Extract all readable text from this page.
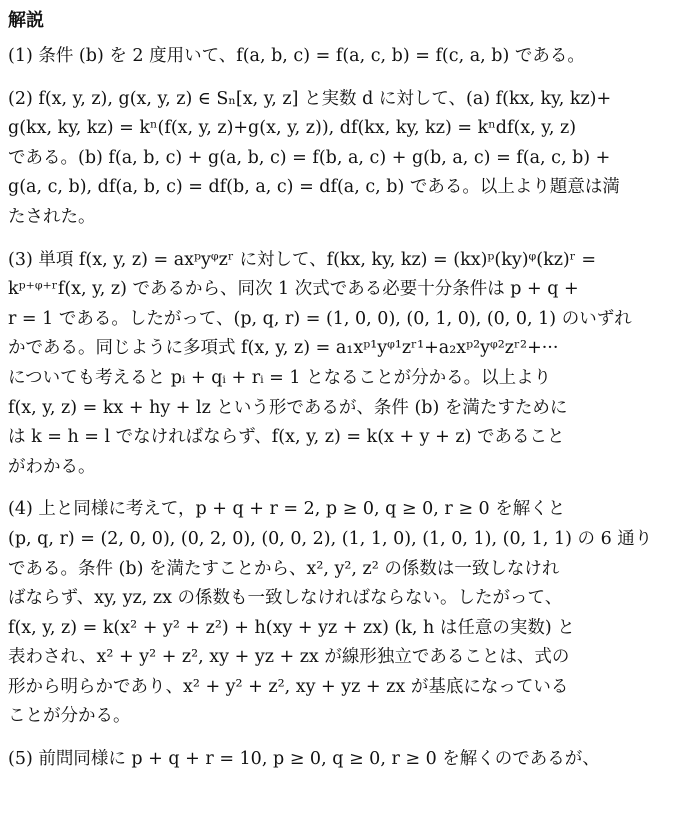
解説
(1) 条件 (b) を 2 度用いて、f(a, b, c) = f(a, c, b) = f(c, a, b) である。
(2) f(x, y, z), g(x, y, z) ∈ Sₙ[x, y, z] と実数 d に対して、(a) f(kx, ky, kz)+
g(kx, ky, kz) = kⁿ(f(x, y, z)+g(x, y, z)), df(kx, ky, kz) = kⁿdf(x, y, z)
である。(b) f(a, b, c) + g(a, b, c) = f(b, a, c) + g(b, a, c) = f(a, c, b) +
g(a, c, b), df(a, b, c) = df(b, a, c) = df(a, c, b) である。以上より題意は満
たされた。
(3) 単項 f(x, y, z) = axᵖyᵠzʳ に対して、f(kx, ky, kz) = (kx)ᵖ(ky)ᵠ(kz)ʳ =
kᵖ⁺ᵠ⁺ʳf(x, y, z) であるから、同次 1 次式である必要十分条件は p + q +
r = 1 である。したがって、(p, q, r) = (1, 0, 0), (0, 1, 0), (0, 0, 1) のいずれ
かである。同じように多項式 f(x, y, z) = a₁xᵖ¹yᵠ¹zʳ¹+a₂xᵖ²yᵠ²zʳ²+···
についても考えると pᵢ + qᵢ + rᵢ = 1 となることが分かる。以上より
f(x, y, z) = kx + hy + lz という形であるが、条件 (b) を満たすために
は k = h = l でなければならず、f(x, y, z) = k(x + y + z) であること
がわかる。
(4) 上と同様に考えて，p + q + r = 2, p ≥ 0, q ≥ 0, r ≥ 0 を解くと
(p, q, r) = (2, 0, 0), (0, 2, 0), (0, 0, 2), (1, 1, 0), (1, 0, 1), (0, 1, 1) の 6 通り
である。条件 (b) を満たすことから、x², y², z² の係数は一致しなけれ
ばならず、xy, yz, zx の係数も一致しなければならない。したがって、
f(x, y, z) = k(x² + y² + z²) + h(xy + yz + zx) (k, h は任意の実数) と
表わされ、x² + y² + z², xy + yz + zx が線形独立であることは、式の
形から明らかであり、x² + y² + z², xy + yz + zx が基底になっている
ことが分かる。
(5) 前問同様に p + q + r = 10, p ≥ 0, q ≥ 0, r ≥ 0 を解くのであるが、
